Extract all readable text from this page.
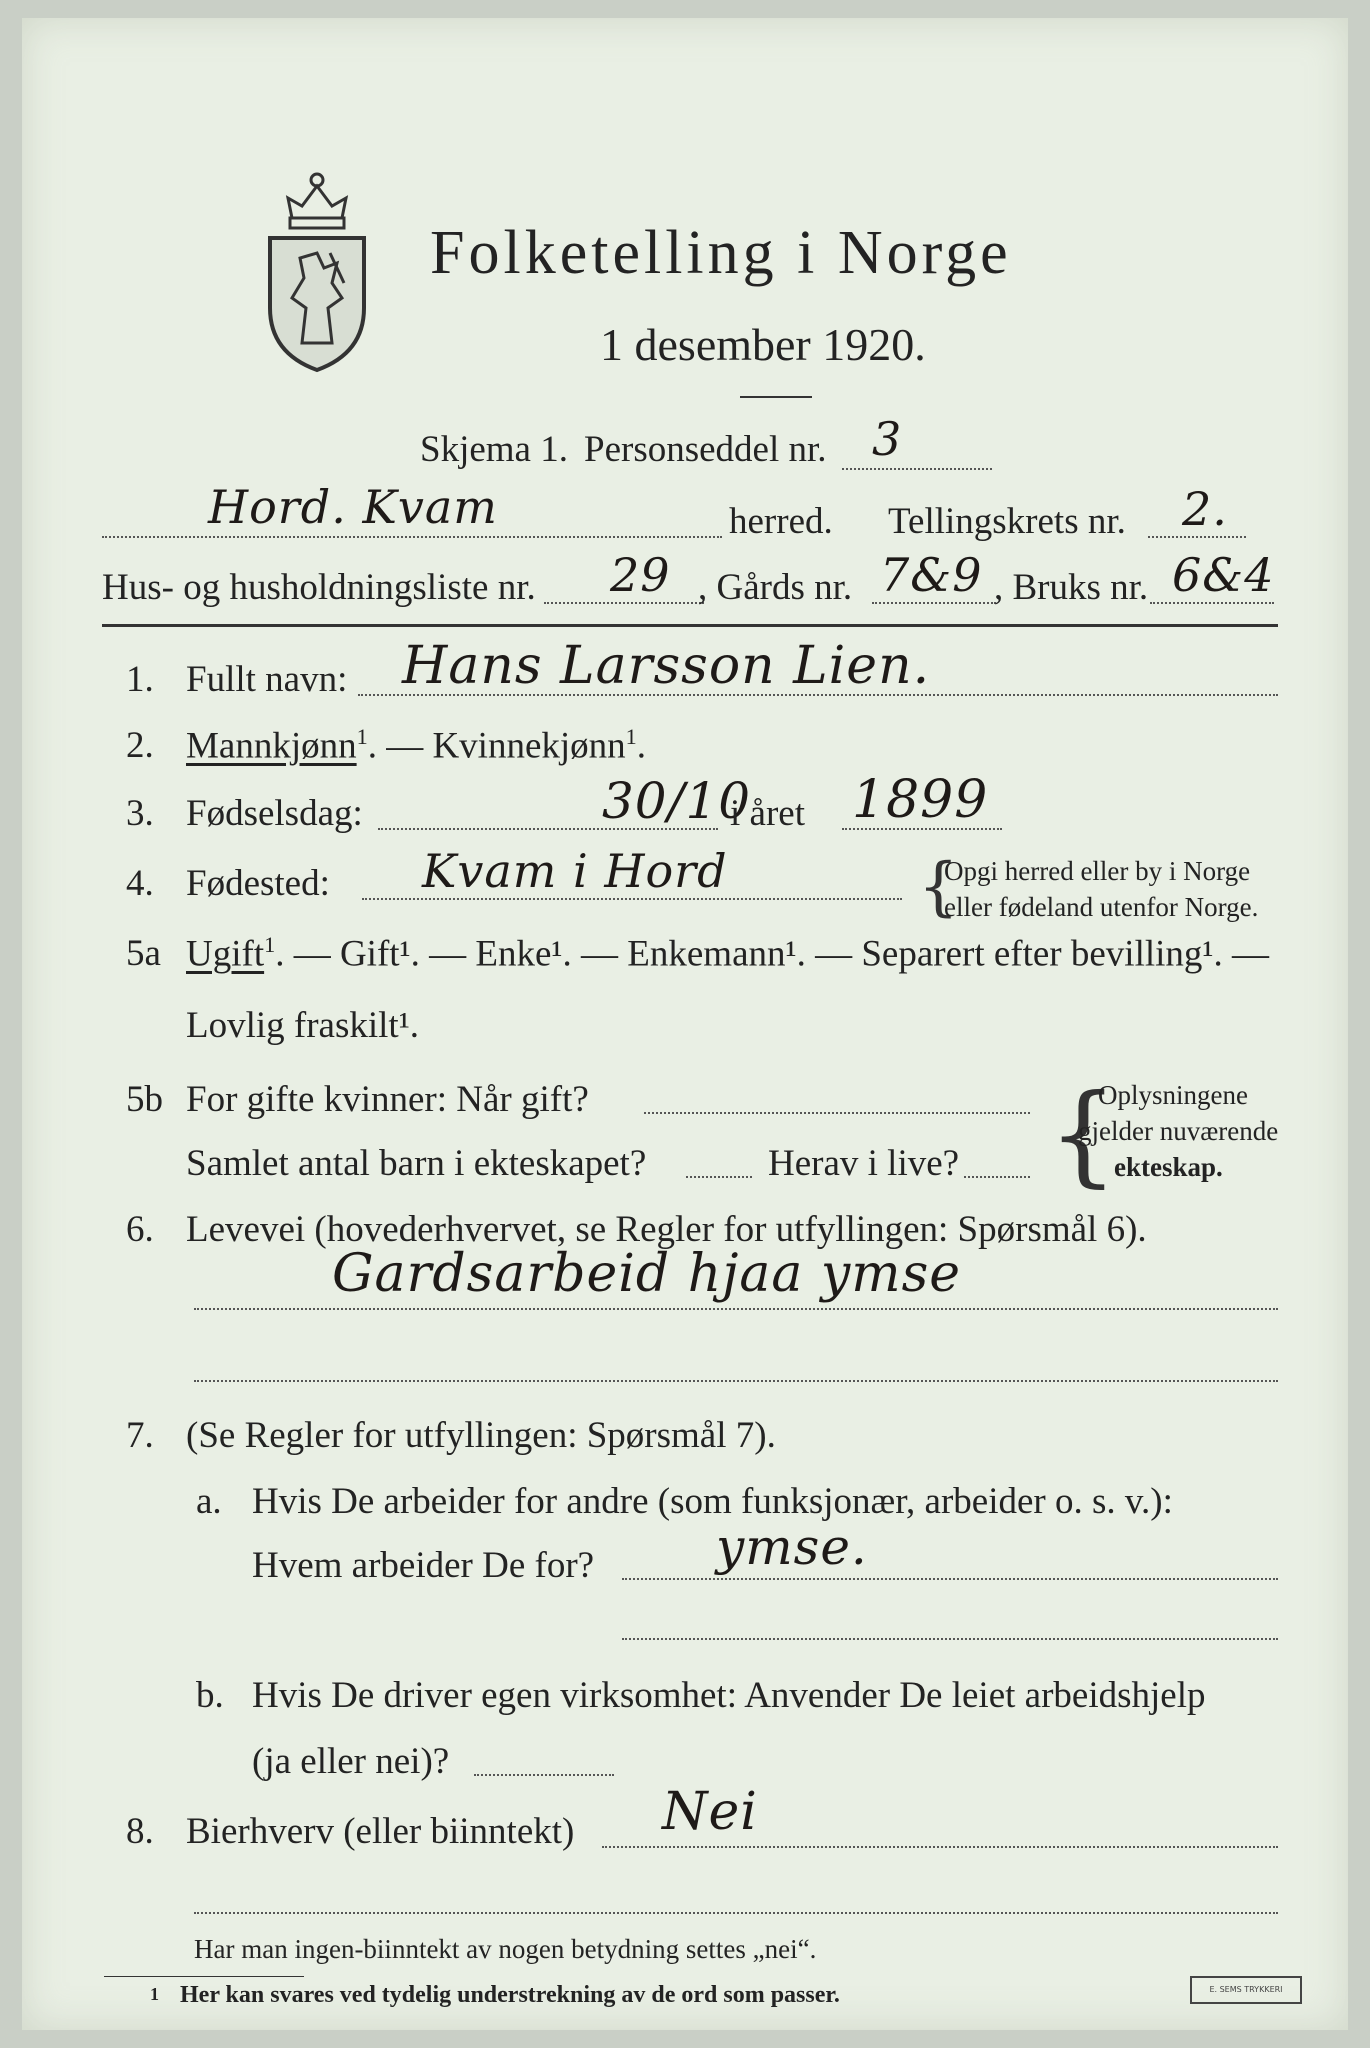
Folketelling i Norge
1 desember 1920.
Skjema 1. Personseddel nr. 3
Hord. Kvam	herred. Tellingskrets nr. 2.
Hus- og husholdningsliste nr. 29 , Gårds nr. 7&9 , Bruks nr. 6&4
1. Fullt navn: Hans Larsson Lien.
2. Mannkjønn$^1$. — Kvinnekjønn$^1$.
3. Fødselsdag:	30/10
i året 1899
4. Fødested: Kvam i Hord	{
Opgi herred eller by i Norge
eller fødeland utenfor Norge.
5a Ugift$^1$. — Gift¹. — Enke¹. — Enkemann¹. — Separert efter bevilling¹. —
Lovlig fraskilt¹.
5b For gifte kvinner: Når gift?
Samlet antal barn i ekteskapet?	Herav i live? {
Oplysningene
gjelder nuværende
ekteskap.
6. Levevei (hovederhvervet, se Regler for utfyllingen: Spørsmål 6).
Gardsarbeid hjaa ymse
7. (Se Regler for utfyllingen: Spørsmål 7).
a. Hvis De arbeider for andre (som funksjonær, arbeider o. s. v.):
Hvem arbeider De for? ymse.
b. Hvis De driver egen virksomhet: Anvender De leiet arbeidshjelp
(ja eller nei)?
8. Bierhverv (eller biinntekt) Nei
Har man ingen-biinntekt av nogen betydning settes „nei“.
1 Her kan svares ved tydelig understrekning av de ord som passer.	E. SEMS TRYKKERI
